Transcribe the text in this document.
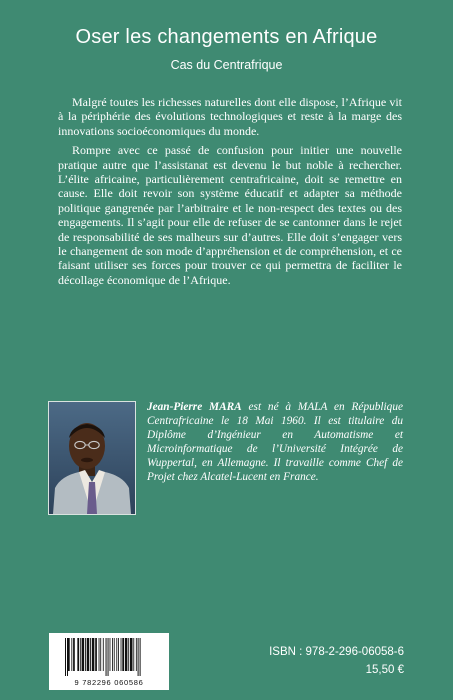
Oser les changements en Afrique
Cas du Centrafrique

Malgré toutes les richesses naturelles dont elle dispose, l’Afrique vit à la périphérie des évolutions technologiques et reste à la marge des innovations socioéconomiques du monde.

Rompre avec ce passé de confusion pour initier une nouvelle pratique autre que l’assistanat est devenu le but noble à rechercher. L’élite africaine, particulièrement centrafricaine, doit se remettre en cause. Elle doit revoir son système éducatif et adapter sa méthode politique gangrenée par l’arbitraire et le non-respect des textes ou des engagements. Il s’agit pour elle de refuser de se cantonner dans le rejet de responsabilité de ses malheurs sur d’autres. Elle doit s’engager vers le changement de son mode d’appréhension et de compréhension, et ce faisant utiliser ses forces pour trouver ce qui permettra de faciliter le décollage économique de l’Afrique.

Jean-Pierre MARA est né à MALA en République Centrafricaine le 18 Mai 1960. Il est titulaire du Diplôme d’Ingénieur en Automatisme et Microinformatique de l’Université Intégrée de Wuppertal, en Allemagne. Il travaille comme Chef de Projet chez Alcatel-Lucent en France.

9 782296 060586
ISBN : 978-2-296-06058-6
15,50 €
